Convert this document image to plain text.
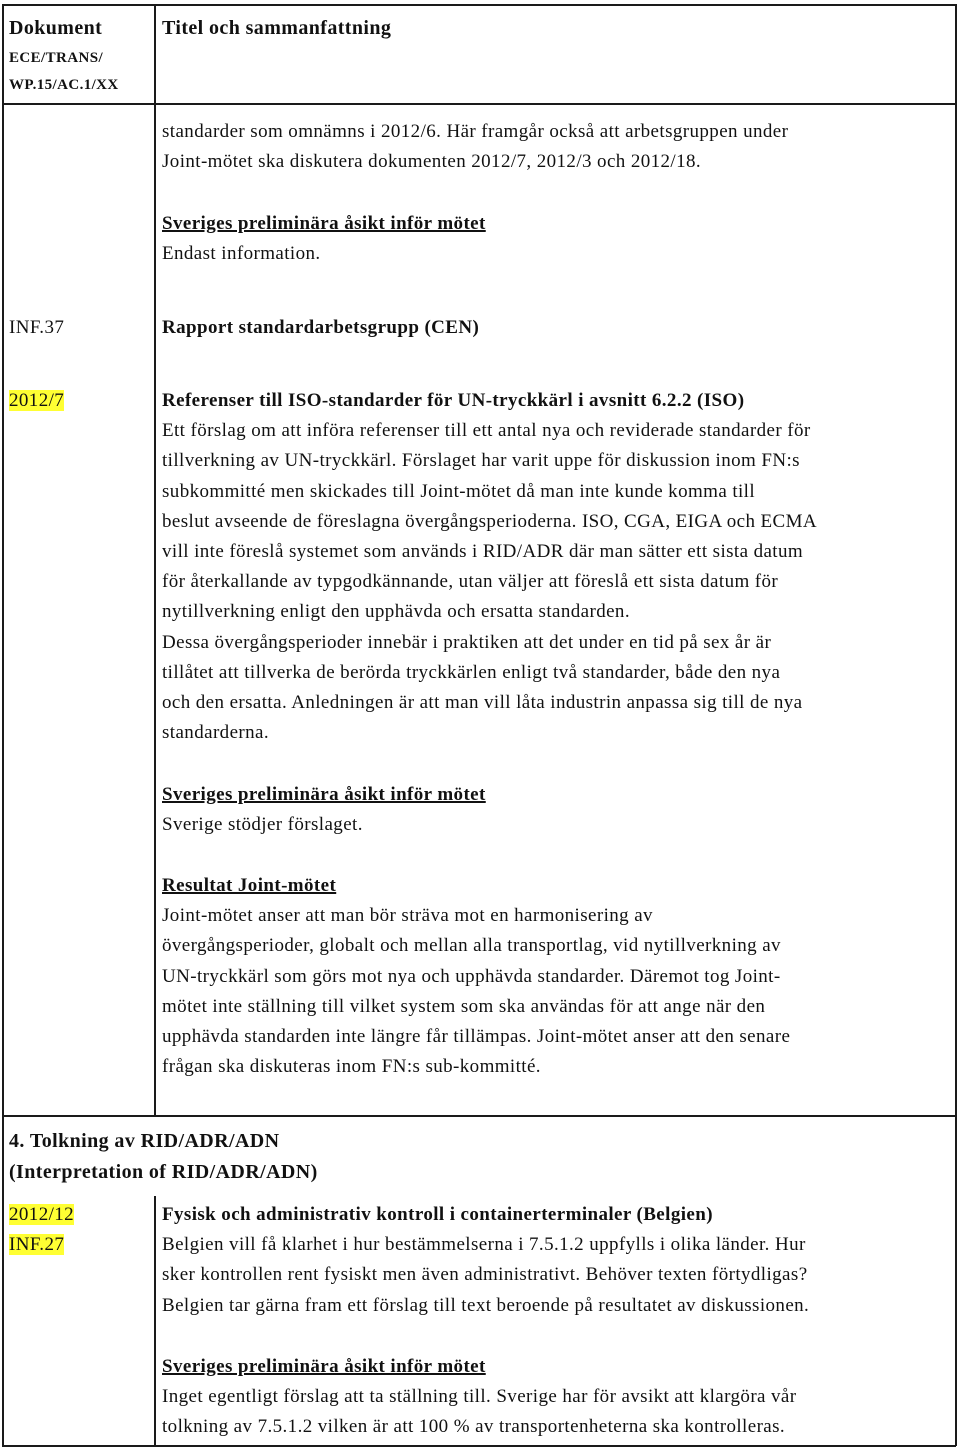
Dokument
ECE/TRANS/
WP.15/AC.1/XX
Titel och sammanfattning
standarder som omnämns i 2012/6. Här framgår också att arbetsgruppen under
Joint-mötet ska diskutera dokumenten 2012/7, 2012/3 och 2012/18.
Sveriges preliminära åsikt inför mötet
Endast information.
INF.37	Rapport standardarbetsgrupp (CEN)
2012/7	Referenser till ISO-standarder för UN-tryckkärl i avsnitt 6.2.2 (ISO)
Ett förslag om att införa referenser till ett antal nya och reviderade standarder för
tillverkning av UN-tryckkärl. Förslaget har varit uppe för diskussion inom FN:s
subkommitté men skickades till Joint-mötet då man inte kunde komma till
beslut avseende de föreslagna övergångsperioderna. ISO, CGA, EIGA och ECMA
vill inte föreslå systemet som används i RID/ADR där man sätter ett sista datum
för återkallande av typgodkännande, utan väljer att föreslå ett sista datum för
nytillverkning enligt den upphävda och ersatta standarden.
Dessa övergångsperioder innebär i praktiken att det under en tid på sex år är
tillåtet att tillverka de berörda tryckkärlen enligt två standarder, både den nya
och den ersatta. Anledningen är att man vill låta industrin anpassa sig till de nya
standarderna.
Sveriges preliminära åsikt inför mötet
Sverige stödjer förslaget.
Resultat Joint-mötet
Joint-mötet anser att man bör sträva mot en harmonisering av
övergångsperioder, globalt och mellan alla transportlag, vid nytillverkning av
UN-tryckkärl som görs mot nya och upphävda standarder. Däremot tog Joint-
mötet inte ställning till vilket system som ska användas för att ange när den
upphävda standarden inte längre får tillämpas. Joint-mötet anser att den senare
frågan ska diskuteras inom FN:s sub-kommitté.
4. Tolkning av RID/ADR/ADN
(Interpretation of RID/ADR/ADN)
2012/12
INF.27
Fysisk och administrativ kontroll i containerterminaler (Belgien)
Belgien vill få klarhet i hur bestämmelserna i 7.5.1.2 uppfylls i olika länder. Hur
sker kontrollen rent fysiskt men även administrativt. Behöver texten förtydligas?
Belgien tar gärna fram ett förslag till text beroende på resultatet av diskussionen.
Sveriges preliminära åsikt inför mötet
Inget egentligt förslag att ta ställning till. Sverige har för avsikt att klargöra vår
tolkning av 7.5.1.2 vilken är att 100 % av transportenheterna ska kontrolleras.
